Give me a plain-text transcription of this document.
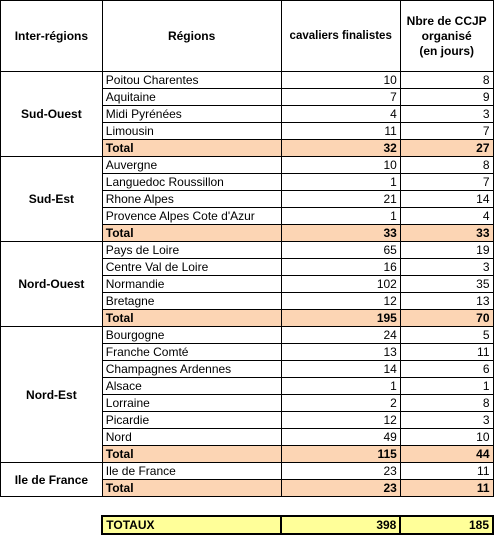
Inter-régions	Régions	cavaliers finalistes	Nbre de CCJP
organisé
(en jours)

Sud-Ouest	Poitou Charentes	10	8
	Aquitaine	7	9
	Midi Pyrénées	4	3
	Limousin	11	7
	Total	32	27
Sud-Est	Auvergne	10	8
	Languedoc Roussillon	1	7
	Rhone Alpes	21	14
	Provence Alpes Cote d'Azur	1	4
	Total	33	33
Nord-Ouest	Pays de Loire	65	19
	Centre Val de Loire	16	3
	Normandie	102	35
	Bretagne	12	13
	Total	195	70
Nord-Est	Bourgogne	24	5
	Franche Comté	13	11
	Champagnes Ardennes	14	6
	Alsace	1	1
	Lorraine	2	8
	Picardie	12	3
	Nord	49	10
	Total	115	44
Ile de France	Ile de France	23	11
	Total	23	11

	TOTAUX	398	185
